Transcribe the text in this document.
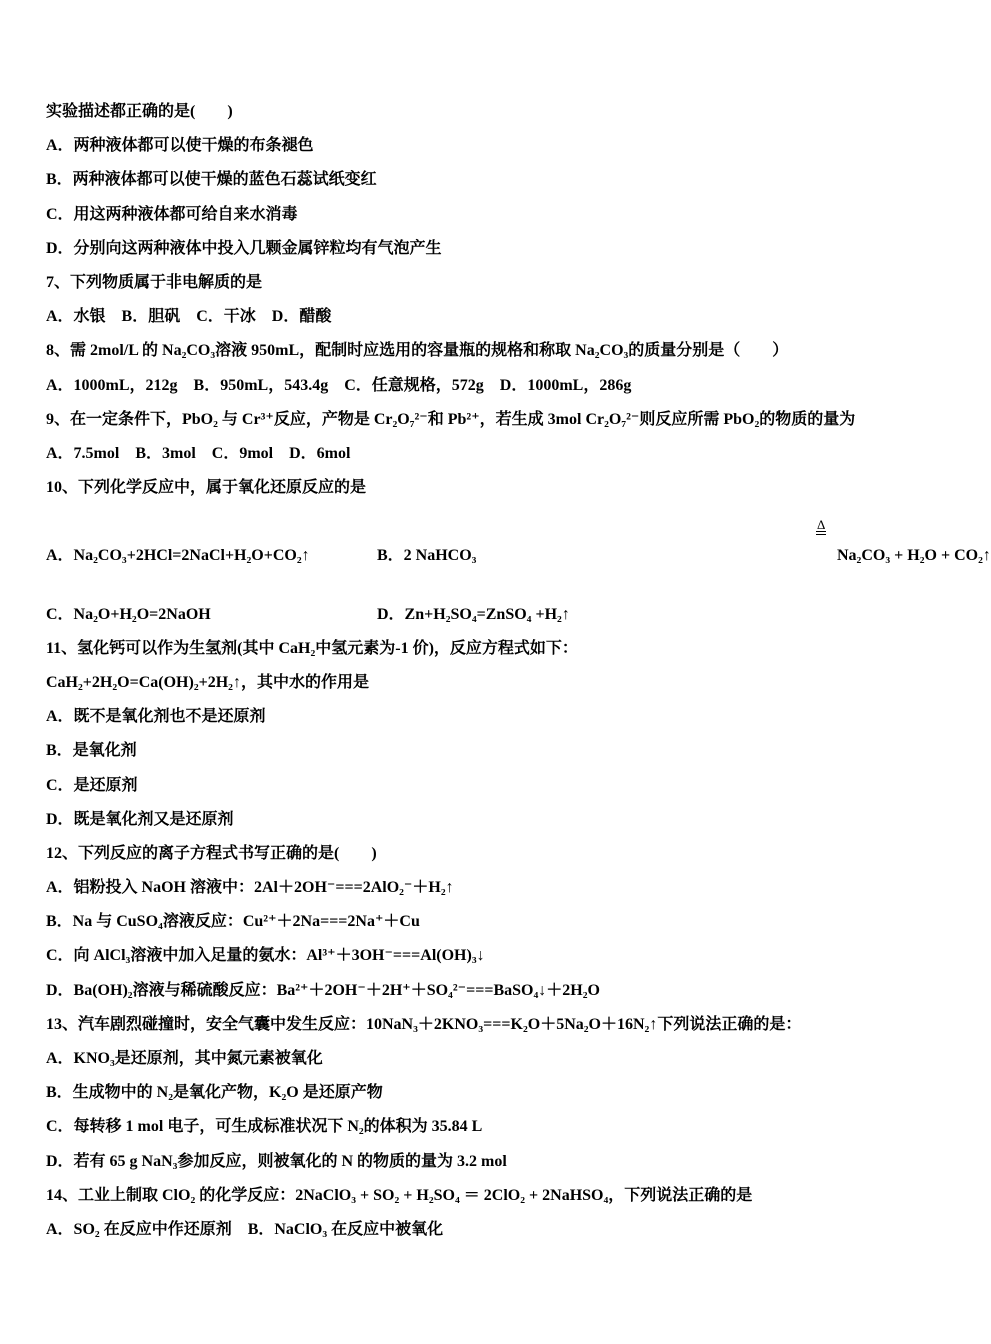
实验描述都正确的是(　　)
A．两种液体都可以使干燥的布条褪色
B．两种液体都可以使干燥的蓝色石蕊试纸变红
C．用这两种液体都可给自来水消毒
D．分别向这两种液体中投入几颗金属锌粒均有气泡产生
7、下列物质属于非电解质的是
A．水银　B．胆矾　C．干冰　D．醋酸
8、需 2mol/L 的 Na₂CO₃溶液 950mL，配制时应选用的容量瓶的规格和称取 Na₂CO₃的质量分别是（　　）
A．1000mL，212g　B．950mL，543.4g　C．任意规格，572g　D．1000mL，286g
9、在一定条件下，PbO₂ 与 Cr³⁺反应，产物是 Cr₂O₇²⁻和 Pb²⁺，若生成 3mol Cr₂O₇²⁻则反应所需 PbO₂的物质的量为
A．7.5mol　B．3mol　C．9mol　D．6mol
10、下列化学反应中，属于氧化还原反应的是
A．Na₂CO₃+2HCl=2NaCl+H₂O+CO₂↑	B．2 NaHCO₃
Δ
Na₂CO₃ + H₂O + CO₂↑
C．Na₂O+H₂O=2NaOH	D．Zn+H₂SO₄=ZnSO₄ +H₂↑
11、氢化钙可以作为生氢剂(其中 CaH₂中氢元素为-1 价)，反应方程式如下：
CaH₂+2H₂O=Ca(OH)₂+2H₂↑，其中水的作用是
A．既不是氧化剂也不是还原剂
B．是氧化剂
C．是还原剂
D．既是氧化剂又是还原剂
12、下列反应的离子方程式书写正确的是(　　)
A．铝粉投入 NaOH 溶液中：2Al＋2OH⁻===2AlO₂⁻＋H₂↑
B．Na 与 CuSO₄溶液反应：Cu²⁺＋2Na===2Na⁺＋Cu
C．向 AlCl₃溶液中加入足量的氨水：Al³⁺＋3OH⁻===Al(OH)₃↓
D．Ba(OH)₂溶液与稀硫酸反应：Ba²⁺＋2OH⁻＋2H⁺＋SO₄²⁻===BaSO₄↓＋2H₂O
13、汽车剧烈碰撞时，安全气囊中发生反应：10NaN₃＋2KNO₃===K₂O＋5Na₂O＋16N₂↑下列说法正确的是：
A．KNO₃是还原剂，其中氮元素被氧化
B．生成物中的 N₂是氧化产物，K₂O 是还原产物
C．每转移 1 mol 电子，可生成标准状况下 N₂的体积为 35.84 L
D．若有 65 g NaN₃参加反应，则被氧化的 N 的物质的量为 3.2 mol
14、工业上制取 ClO₂ 的化学反应：2NaClO₃ + SO₂ + H₂SO₄ ＝ 2ClO₂ + 2NaHSO₄，下列说法正确的是
A．SO₂ 在反应中作还原剂　B．NaClO₃ 在反应中被氧化
